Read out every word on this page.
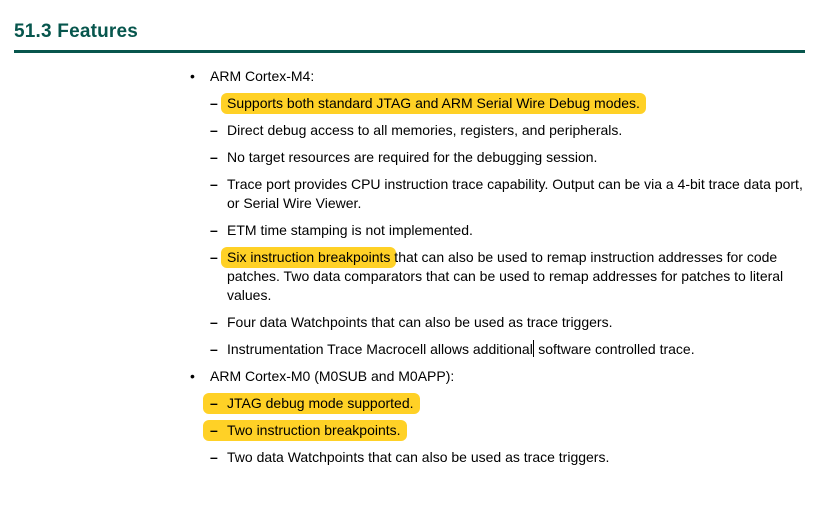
51.3 Features
• ARM Cortex-M4:
– Supports both standard JTAG and ARM Serial Wire Debug modes.
– Direct debug access to all memories, registers, and peripherals.
– No target resources are required for the debugging session.
– Trace port provides CPU instruction trace capability. Output can be via a 4-bit trace data port, or Serial Wire Viewer.
– ETM time stamping is not implemented.
– Six instruction breakpoints that can also be used to remap instruction addresses for code patches. Two data comparators that can be used to remap addresses for patches to literal values.
– Four data Watchpoints that can also be used as trace triggers.
– Instrumentation Trace Macrocell allows additional software controlled trace.
• ARM Cortex-M0 (M0SUB and M0APP):
– JTAG debug mode supported.
– Two instruction breakpoints.
– Two data Watchpoints that can also be used as trace triggers.
